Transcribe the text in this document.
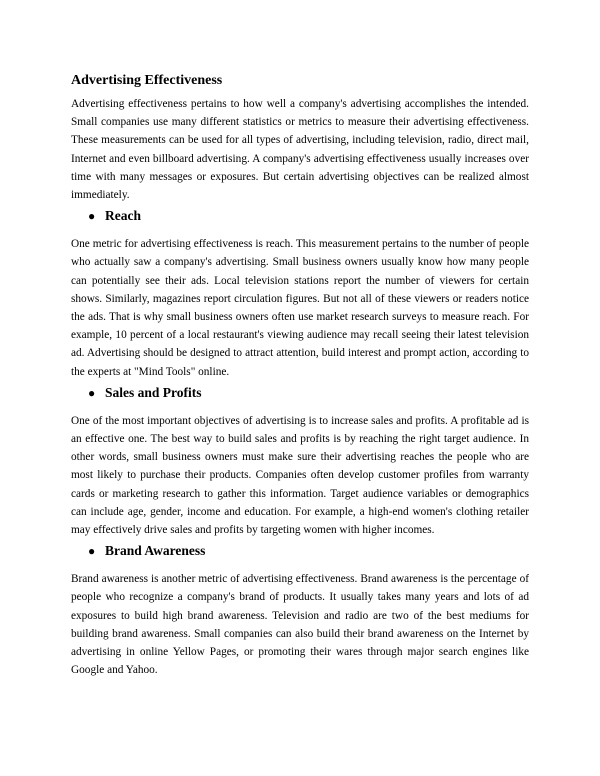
Advertising Effectiveness

Advertising effectiveness pertains to how well a company's advertising accomplishes the intended. Small companies use many different statistics or metrics to measure their advertising effectiveness. These measurements can be used for all types of advertising, including television, radio, direct mail, Internet and even billboard advertising. A company's advertising effectiveness usually increases over time with many messages or exposures. But certain advertising objectives can be realized almost immediately.

● Reach

One metric for advertising effectiveness is reach. This measurement pertains to the number of people who actually saw a company's advertising. Small business owners usually know how many people can potentially see their ads. Local television stations report the number of viewers for certain shows. Similarly, magazines report circulation figures. But not all of these viewers or readers notice the ads. That is why small business owners often use market research surveys to measure reach. For example, 10 percent of a local restaurant's viewing audience may recall seeing their latest television ad. Advertising should be designed to attract attention, build interest and prompt action, according to the experts at "Mind Tools" online.

● Sales and Profits

One of the most important objectives of advertising is to increase sales and profits. A profitable ad is an effective one. The best way to build sales and profits is by reaching the right target audience. In other words, small business owners must make sure their advertising reaches the people who are most likely to purchase their products. Companies often develop customer profiles from warranty cards or marketing research to gather this information. Target audience variables or demographics can include age, gender, income and education. For example, a high-end women's clothing retailer may effectively drive sales and profits by targeting women with higher incomes.

● Brand Awareness

Brand awareness is another metric of advertising effectiveness. Brand awareness is the percentage of people who recognize a company's brand of products. It usually takes many years and lots of ad exposures to build high brand awareness. Television and radio are two of the best mediums for building brand awareness. Small companies can also build their brand awareness on the Internet by advertising in online Yellow Pages, or promoting their wares through major search engines like Google and Yahoo.
